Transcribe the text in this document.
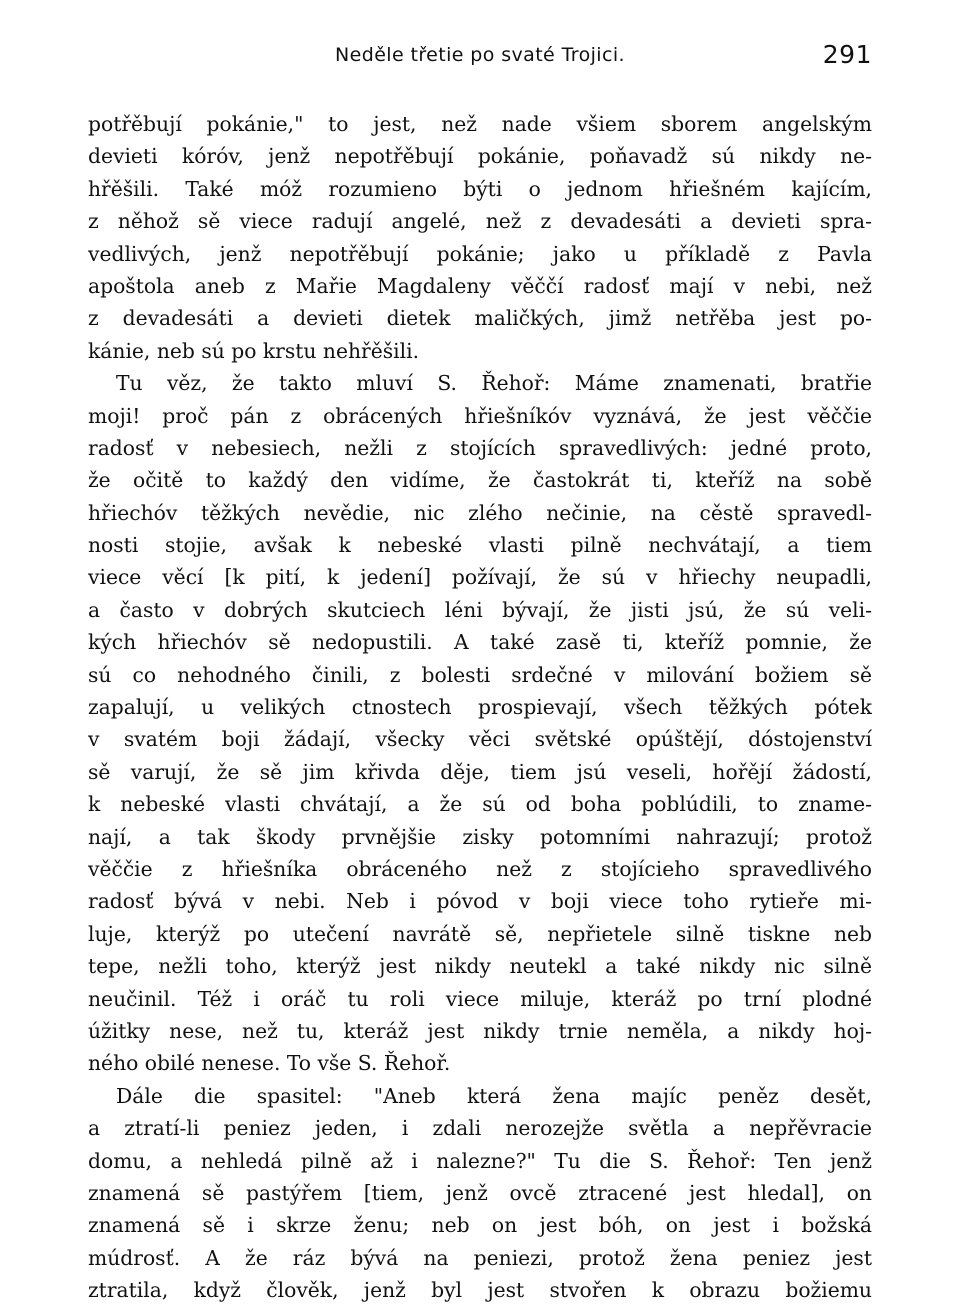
Neděle třetie po svaté Trojici.	291
potřěbují pokánie," to jest, než nade všiem sborem angelským
devieti kóróv, jenž nepotřěbují pokánie, poňavadž sú nikdy ne-
hřěšili. Také móž rozumieno býti o jednom hřiešném kajícím,
z něhož sě viece radují angelé, než z devadesáti a devieti spra-
vedlivých, jenž nepotřěbují pokánie; jako u příkladě z Pavla
apoštola aneb z Mařie Magdaleny věččí radosť mají v nebi, než
z devadesáti a devieti dietek maličkých, jimž netřěba jest po-
kánie, neb sú po krstu nehřěšili.
Tu věz, že takto mluví S. Řehoř: Máme znamenati, bratřie
moji! proč pán z obrácených hřiešníkóv vyznává, že jest věččie
radosť v nebesiech, nežli z stojících spravedlivých: jedné proto,
že očitě to každý den vidíme, že častokrát ti, kteříž na sobě
hřiechóv těžkých nevědie, nic zlého nečinie, na cěstě spravedl-
nosti stojie, avšak k nebeské vlasti pilně nechvátají, a tiem
viece věcí [k pití, k jedení] požívají, že sú v hřiechy neupadli,
a často v dobrých skutciech léni bývají, že jisti jsú, že sú veli-
kých hřiechóv sě nedopustili. A také zasě ti, kteříž pomnie, že
sú co nehodného činili, z bolesti srdečné v milování božiem sě
zapalují, u velikých ctnostech prospievají, všech těžkých pótek
v svatém boji žádají, všecky věci světské opúštějí, dóstojenství
sě varují, že sě jim křivda děje, tiem jsú veseli, hořějí žádostí,
k nebeské vlasti chvátají, a že sú od boha poblúdili, to zname-
nají, a tak škody prvnějšie zisky potomními nahrazují; protož
věččie z hřiešníka obráceného než z stojícieho spravedlivého
radosť bývá v nebi. Neb i póvod v boji viece toho rytieře mi-
luje, kterýž po utečení navrátě sě, nepřietele silně tiskne neb
tepe, nežli toho, kterýž jest nikdy neutekl a také nikdy nic silně
neučinil. Též i oráč tu roli viece miluje, kteráž po trní plodné
úžitky nese, než tu, kteráž jest nikdy trnie neměla, a nikdy hoj-
ného obilé nenese. To vše S. Řehoř.
Dále die spasitel: "Aneb která žena majíc peněz desět,
a ztratí-li peniez jeden, i zdali nerozejže světla a nepřěvracie
domu, a nehledá pilně až i nalezne?" Tu die S. Řehoř: Ten jenž
znamená sě pastýřem [tiem, jenž ovcě ztracené jest hledal], on
znamená sě i skrze ženu; neb on jest bóh, on jest i božská
múdrosť. A že ráz bývá na peniezi, protož žena peniez jest
ztratila, když člověk, jenž byl jest stvořen k obrazu božiemu
